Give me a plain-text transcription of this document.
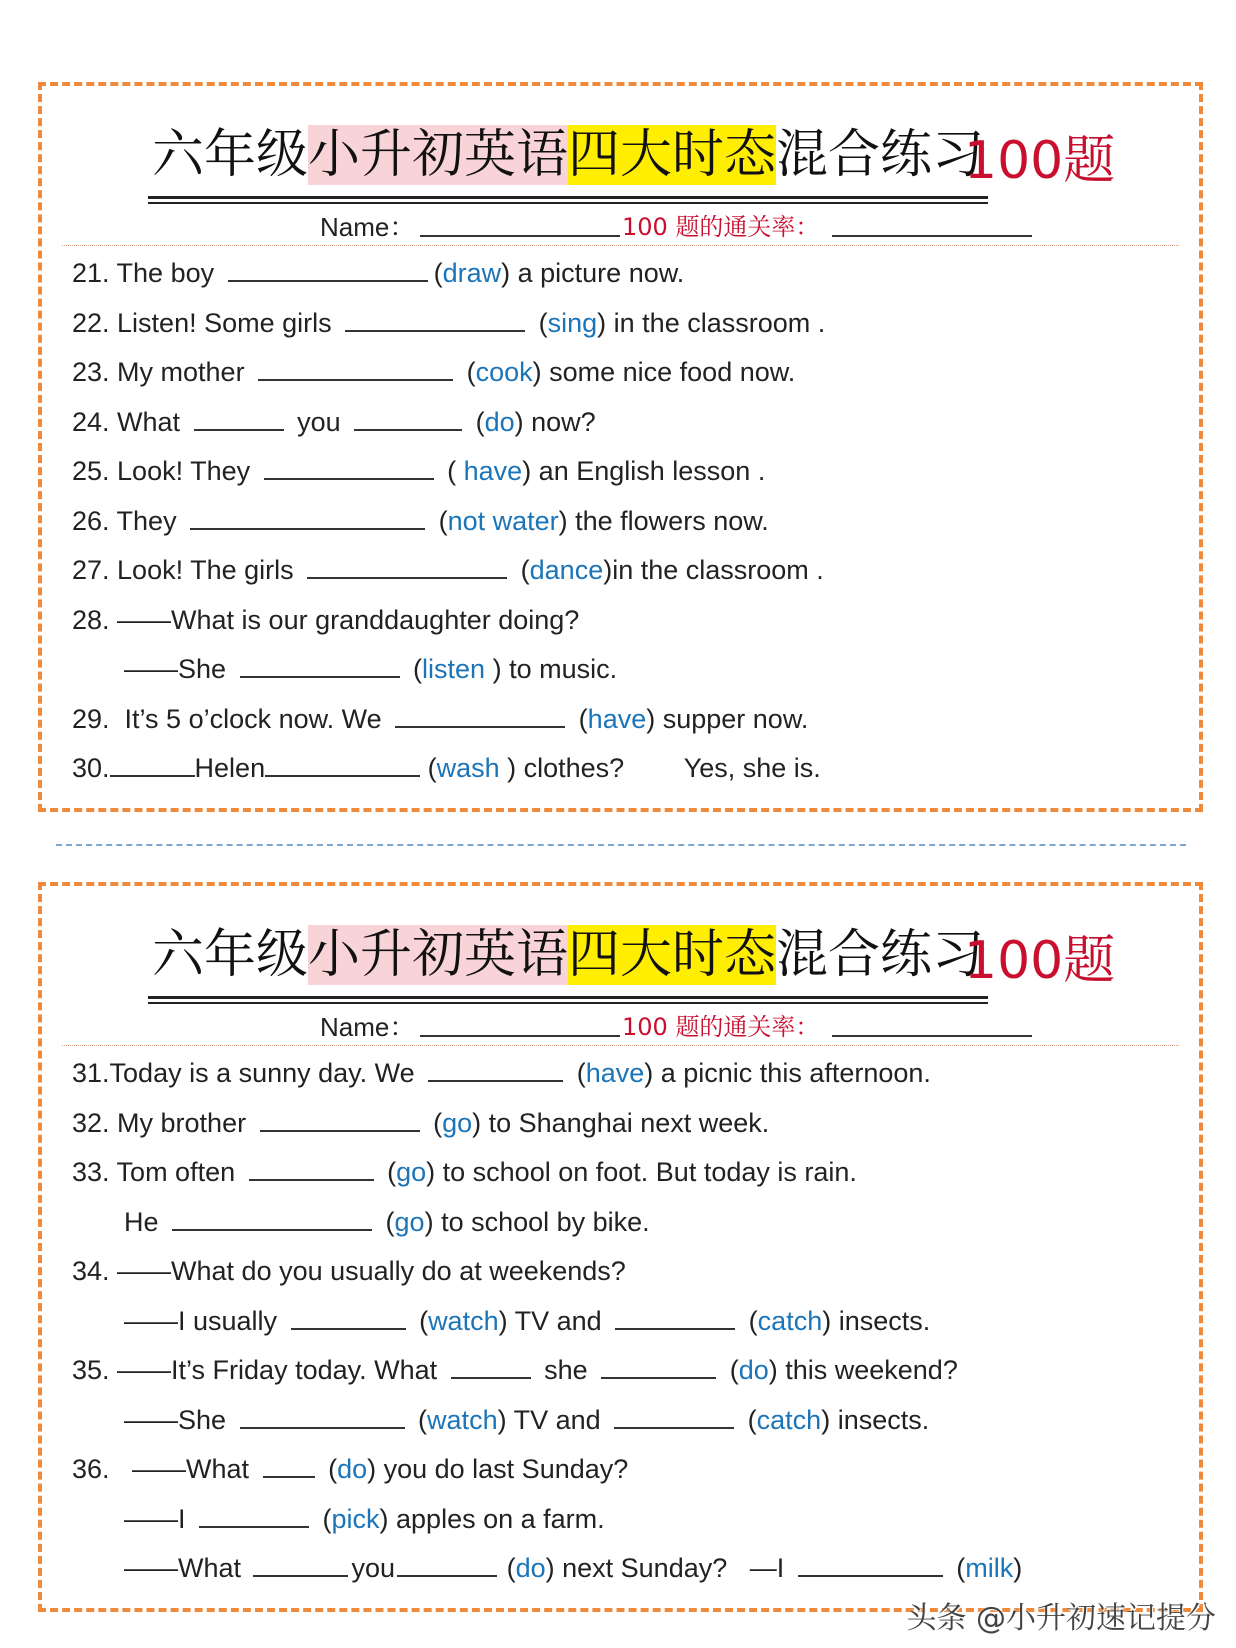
六年级小升初英语四大时态混合练习
100题
Name：	100 题的通关率：
21. The boy	(draw) a picture now.
22. Listen! Some girls	(sing) in the classroom .
23. My mother	(cook) some nice food now.
24. What	you	(do) now?
25. Look! They	( have) an English lesson .
26. They	(not water) the flowers now.
27. Look! The girls	(dance)in the classroom .
28. ——What is our granddaughter doing?
——She	(listen ) to music.
29.  It’s 5 o’clock now. We	(have) supper now.
30.	Helen	(wash ) clothes?        Yes, she is.
六年级小升初英语四大时态混合练习
100题
Name：	100 题的通关率：
31.Today is a sunny day. We	(have) a picnic this afternoon.
32. My brother	(go) to Shanghai next week.
33. Tom often	(go) to school on foot. But today is rain.
He	(go) to school by bike.
34. ——What do you usually do at weekends?
——I usually	(watch) TV and	(catch) insects.
35. ——It’s Friday today. What	she	(do) this weekend?
——She	(watch) TV and	(catch) insects.
36.   ——What  (do) you do last Sunday?
——I	(pick) apples on a farm.
——What	you	(do) next Sunday?   —I	(milk)
头条 @小升初速记提分
